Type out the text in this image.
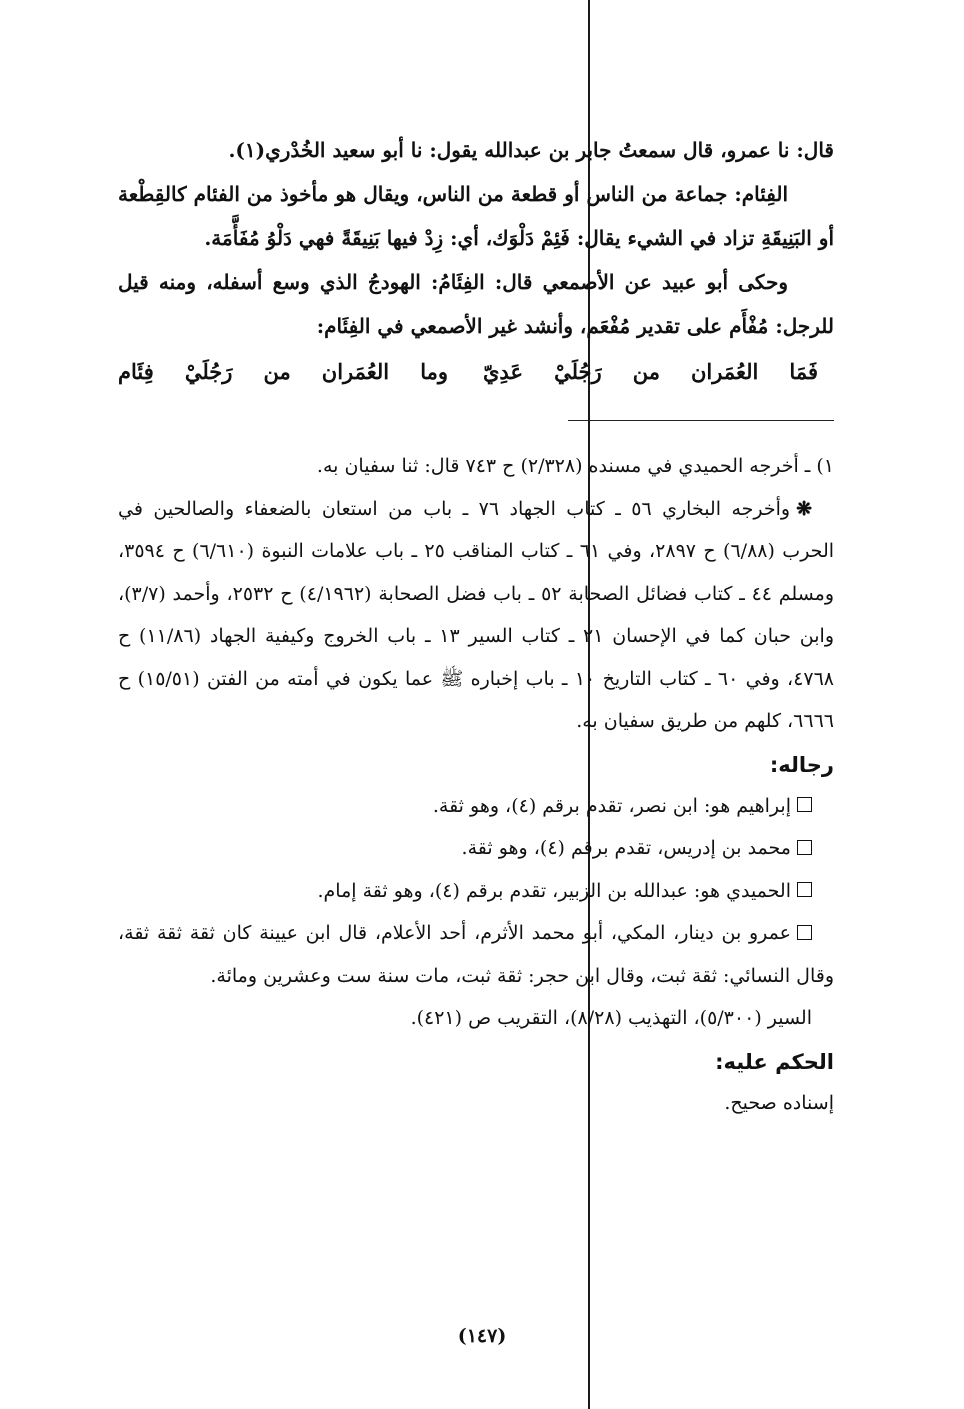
قال: نا عمرو، قال سمعتُ جابر بن عبدالله يقول: نا أبو سعيد الخُدْري(١).

الفِئام: جماعة من الناس أو قطعة من الناس، ويقال هو مأخوذ من الفئام كالقِطْعة أو البَنِيقَةِ تزاد في الشيء يقال: فَئِمْ دَلْوَك، أي: زِدْ فيها بَنِيقَةً فهي دَلْوُ مُفَأَّمَة.

وحكى أبو عبيد عن الأصمعي قال: الفِئَامُ: الهودجُ الذي وسع أسفله، ومنه قيل للرجل: مُفْأَم على تقدير مُفْعَم، وأنشد غير الأصمعي في الفِئَام:

فَمَا
العُمَران
من
رَجُلَيْ
عَدِيّ
وما
العُمَران
من
رَجُلَيْ
فِئَام

١) ـ أخرجه الحميدي في مسنده (٢/٣٢٨) ح ٧٤٣ قال: ثنا سفيان به.

❋وأخرجه البخاري ٥٦ ـ كتاب الجهاد ٧٦ ـ باب من استعان بالضعفاء والصالحين في الحرب (٦/٨٨) ح ٢٨٩٧، وفي ٦١ ـ كتاب المناقب ٢٥ ـ باب علامات النبوة (٦/٦١٠) ح ٣٥٩٤، ومسلم ٤٤ ـ كتاب فضائل الصحابة ٥٢ ـ باب فضل الصحابة (٤/١٩٦٢) ح ٢٥٣٢، وأحمد (٣/٧)، وابن حبان كما في الإحسان ٢١ ـ كتاب السير ١٣ ـ باب الخروج وكيفية الجهاد (١١/٨٦) ح ٤٧٦٨، وفي ٦٠ ـ كتاب التاريخ ١٠ ـ باب إخباره ﷺ عما يكون في أمته من الفتن (١٥/٥١) ح ٦٦٦٦، كلهم من طريق سفيان به.

رجاله:

إبراهيم هو: ابن نصر، تقدم برقم (٤)، وهو ثقة.

محمد بن إدريس، تقدم برقم (٤)، وهو ثقة.

الحميدي هو: عبدالله بن الزبير، تقدم برقم (٤)، وهو ثقة إمام.

عمرو بن دينار، المكي، أبو محمد الأثرم، أحد الأعلام، قال ابن عيينة كان ثقة ثقة ثقة، وقال النسائي: ثقة ثبت، وقال ابن حجر: ثقة ثبت، مات سنة ست وعشرين ومائة.

السير (٥/٣٠٠)، التهذيب (٨/٢٨)، التقريب ص (٤٢١).

الحكم عليه:

إسناده صحيح.

(١٤٧)
